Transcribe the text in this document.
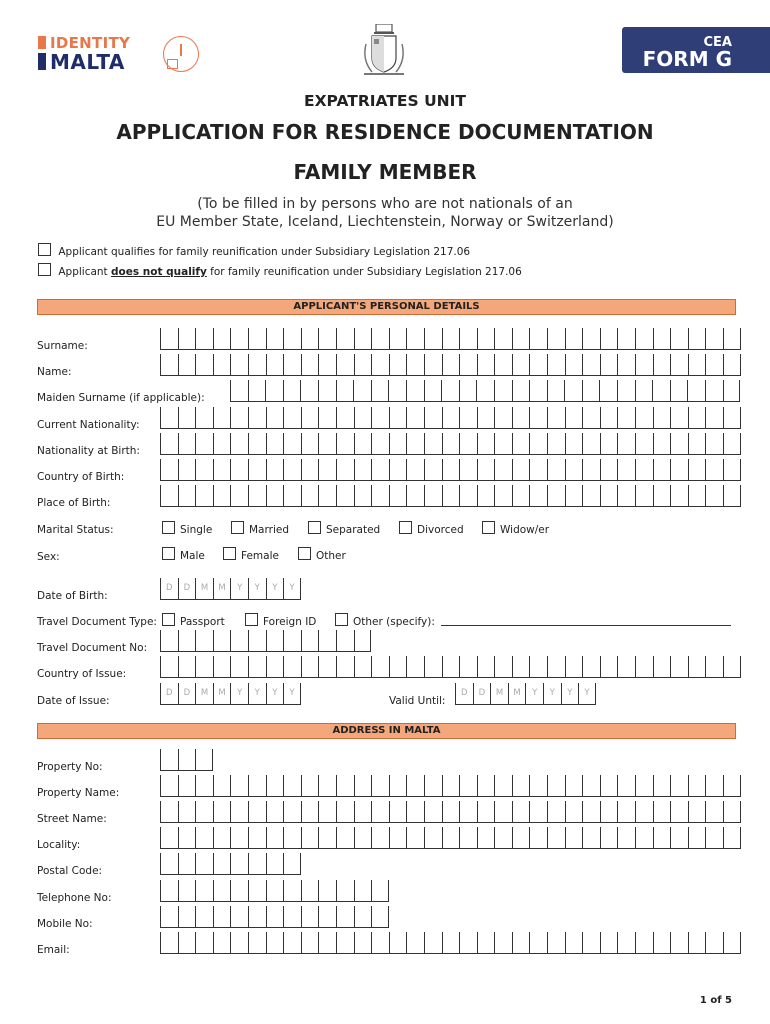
IDENTITY
MALTA
CEA
FORM G
EXPATRIATES UNIT
APPLICATION FOR RESIDENCE DOCUMENTATION
FAMILY MEMBER
(To be filled in by persons who are not nationals of an
EU Member State, Iceland, Liechtenstein, Norway or Switzerland)
Applicant qualifies for family reunification under Subsidiary Legislation 217.06
Applicant does not qualify for family reunification under Subsidiary Legislation 217.06
APPLICANT'S PERSONAL DETAILS
Surname:
Name:
Maiden Surname (if applicable):
Current Nationality:
Nationality at Birth:
Country of Birth:
Place of Birth:
Marital Status:	Single	Married	Separated	Divorced	Widow/er
Sex:	Male	Female	Other
Date of Birth:
D	D	M	M	Y	Y	Y	Y
Travel Document Type:	Passport	Foreign ID	Other (specify):
Travel Document No:
Country of Issue:
Date of Issue:
D	D	M	M	Y	Y	Y	Y
Valid Until:
D	D	M	M	Y	Y	Y	Y
ADDRESS IN MALTA
Property No:
Property Name:
Street Name:
Locality:
Postal Code:
Telephone No:
Mobile No:
Email:
1 of 5
